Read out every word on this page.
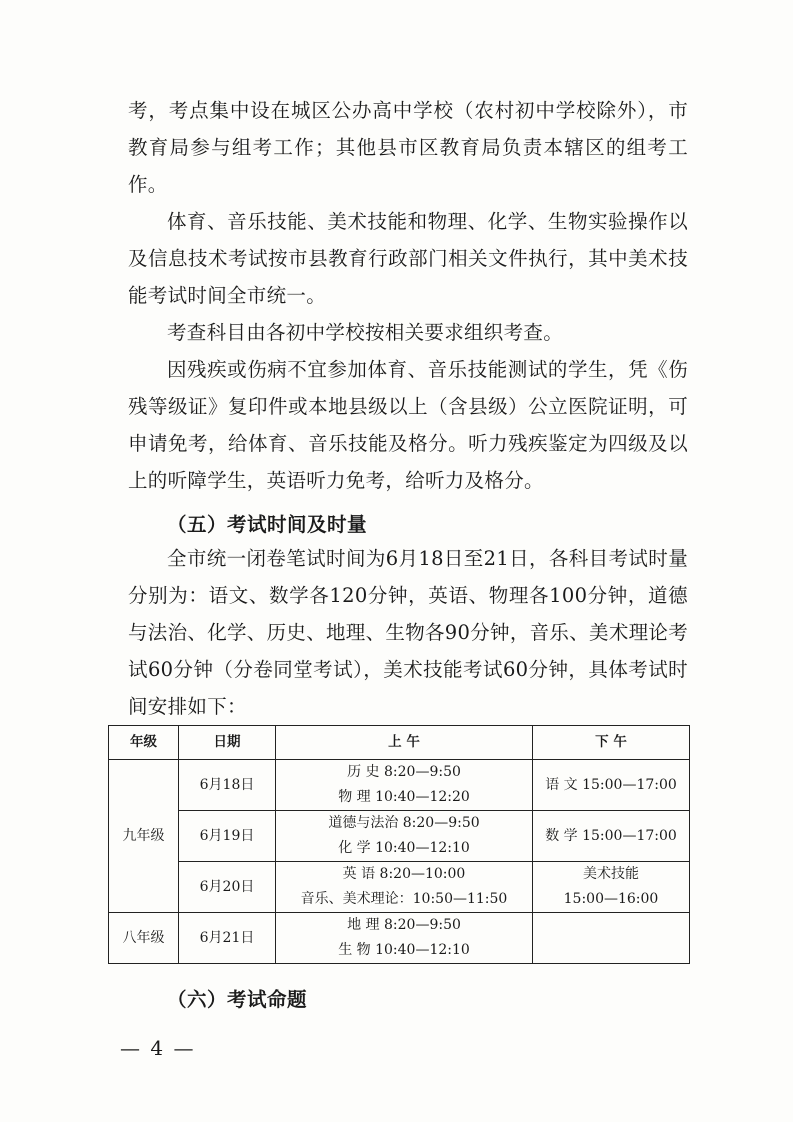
考，考点集中设在城区公办高中学校（农村初中学校除外），市教育局参与组考工作；其他县市区教育局负责本辖区的组考工作。

体育、音乐技能、美术技能和物理、化学、生物实验操作以及信息技术考试按市县教育行政部门相关文件执行，其中美术技能考试时间全市统一。

考查科目由各初中学校按相关要求组织考查。

因残疾或伤病不宜参加体育、音乐技能测试的学生，凭《伤残等级证》复印件或本地县级以上（含县级）公立医院证明，可申请免考，给体育、音乐技能及格分。听力残疾鉴定为四级及以上的听障学生，英语听力免考，给听力及格分。

（五）考试时间及时量

全市统一闭卷笔试时间为6月18日至21日，各科目考试时量分别为：语文、数学各120分钟，英语、物理各100分钟，道德与法治、化学、历史、地理、生物各90分钟，音乐、美术理论考试60分钟（分卷同堂考试），美术技能考试60分钟，具体考试时间安排如下：

年级	日期	上 午	下 午
九年级	6月18日	历 史 8:20—9:50
物 理 10:40—12:20	语 文 15:00—17:00

	6月19日	道德与法治 8:20—9:50
化 学 10:40—12:10	数 学 15:00—17:00

	6月20日	英 语 8:20—10:00
音乐、美术理论：10:50—11:50	美术技能
15:00—16:00

八年级	6月21日	地 理 8:20—9:50
生 物 10:40—12:10	

（六）考试命题
— 4 —
